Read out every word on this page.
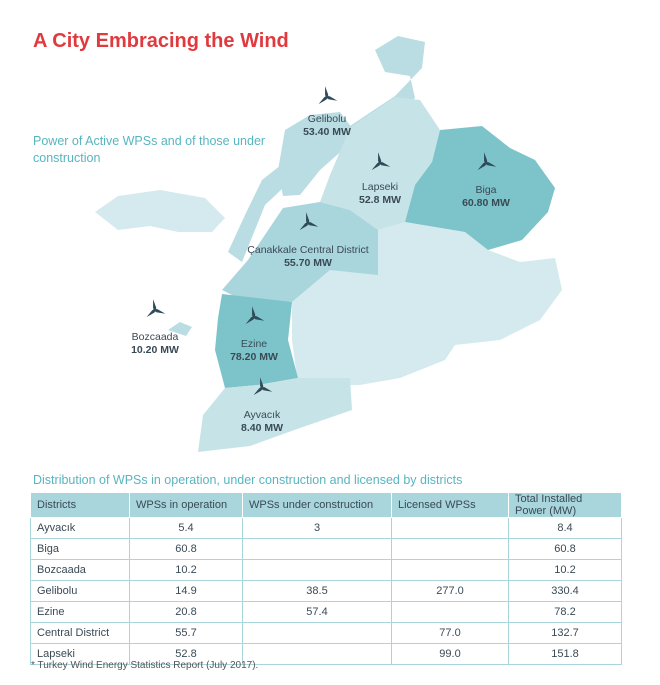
A City Embracing the Wind
Power of Active WPSs and of those under construction
Gelibolu
53.40 MW
Lapseki
52.8 MW
Biga
60.80 MW
Çanakkale Central District
55.70 MW
Bozcaada
10.20 MW	Ezine
78.20 MW
Ayvacık
8.40 MW
Distribution of WPSs in operation, under construction and licensed by districts
Districts	WPSs in operation	WPSs under construction	Licensed WPSs	Total Installed Power (MW)
Ayvacık	5.4	3		8.4
Biga	60.8			60.8
Bozcaada	10.2			10.2
Gelibolu	14.9	38.5	277.0	330.4
Ezine	20.8	57.4		78.2
Central District	55.7		77.0	132.7
Lapseki	52.8		99.0	151.8
* Turkey Wind Energy Statistics Report (July 2017).
